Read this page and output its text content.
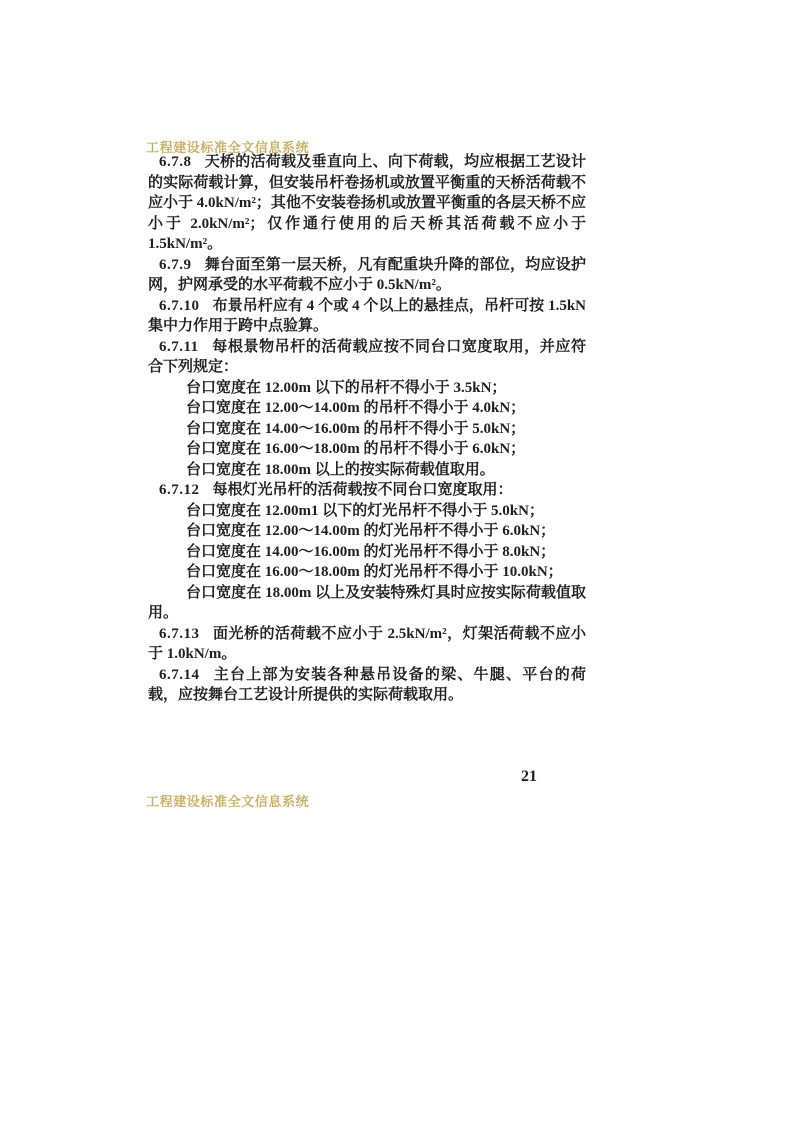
工程建设标准全文信息系统

6.7.8 天桥的活荷载及垂直向上、向下荷载，均应根据工艺设计的实际荷载计算，但安装吊杆卷扬机或放置平衡重的天桥活荷载不应小于 4.0kN/m²；其他不安装卷扬机或放置平衡重的各层天桥不应小于 2.0kN/m²；仅作通行使用的后天桥其活荷载不应小于 1.5kN/m²。

6.7.9 舞台面至第一层天桥，凡有配重块升降的部位，均应设护网，护网承受的水平荷载不应小于 0.5kN/m²。

6.7.10 布景吊杆应有 4 个或 4 个以上的悬挂点，吊杆可按 1.5kN 集中力作用于跨中点验算。

6.7.11 每根景物吊杆的活荷载应按不同台口宽度取用，并应符合下列规定：

台口宽度在 12.00m 以下的吊杆不得小于 3.5kN；

台口宽度在 12.00～14.00m 的吊杆不得小于 4.0kN；

台口宽度在 14.00～16.00m 的吊杆不得小于 5.0kN；

台口宽度在 16.00～18.00m 的吊杆不得小于 6.0kN；

台口宽度在 18.00m 以上的按实际荷载值取用。

6.7.12 每根灯光吊杆的活荷载按不同台口宽度取用：

台口宽度在 12.00m1 以下的灯光吊杆不得小于 5.0kN；

台口宽度在 12.00～14.00m 的灯光吊杆不得小于 6.0kN；

台口宽度在 14.00～16.00m 的灯光吊杆不得小于 8.0kN；

台口宽度在 16.00～18.00m 的灯光吊杆不得小于 10.0kN；

台口宽度在 18.00m 以上及安装特殊灯具时应按实际荷载值取用。

6.7.13 面光桥的活荷载不应小于 2.5kN/m²，灯架活荷载不应小于 1.0kN/m。

6.7.14 主台上部为安装各种悬吊设备的梁、牛腿、平台的荷载，应按舞台工艺设计所提供的实际荷载取用。

21
工程建设标准全文信息系统
